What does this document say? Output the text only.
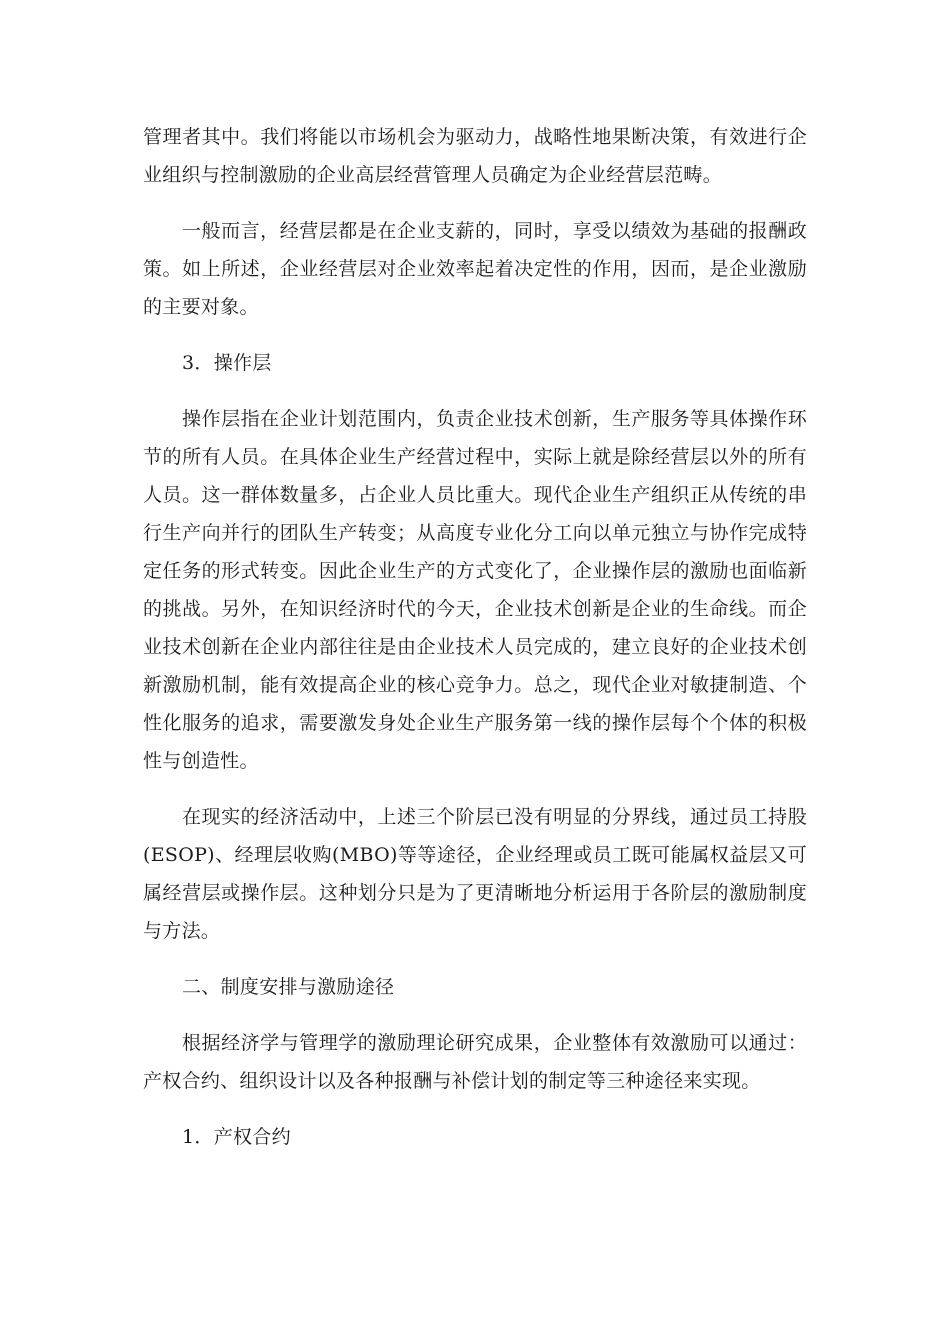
管理者其中。我们将能以市场机会为驱动力，战略性地果断决策，有效进行企业组织与控制激励的企业高层经营管理人员确定为企业经营层范畴。

一般而言，经营层都是在企业支薪的，同时，享受以绩效为基础的报酬政策。如上所述，企业经营层对企业效率起着决定性的作用，因而，是企业激励的主要对象。

3．操作层

操作层指在企业计划范围内，负责企业技术创新，生产服务等具体操作环节的所有人员。在具体企业生产经营过程中，实际上就是除经营层以外的所有人员。这一群体数量多，占企业人员比重大。现代企业生产组织正从传统的串行生产向并行的团队生产转变；从高度专业化分工向以单元独立与协作完成特定任务的形式转变。因此企业生产的方式变化了，企业操作层的激励也面临新的挑战。另外，在知识经济时代的今天，企业技术创新是企业的生命线。而企业技术创新在企业内部往往是由企业技术人员完成的，建立良好的企业技术创新激励机制，能有效提高企业的核心竞争力。总之，现代企业对敏捷制造、个性化服务的追求，需要激发身处企业生产服务第一线的操作层每个个体的积极性与创造性。

在现实的经济活动中，上述三个阶层已没有明显的分界线，通过员工持股(ESOP)、经理层收购(MBO)等等途径，企业经理或员工既可能属权益层又可属经营层或操作层。这种划分只是为了更清晰地分析运用于各阶层的激励制度与方法。

二、制度安排与激励途径

根据经济学与管理学的激励理论研究成果，企业整体有效激励可以通过：产权合约、组织设计以及各种报酬与补偿计划的制定等三种途径来实现。

1．产权合约
